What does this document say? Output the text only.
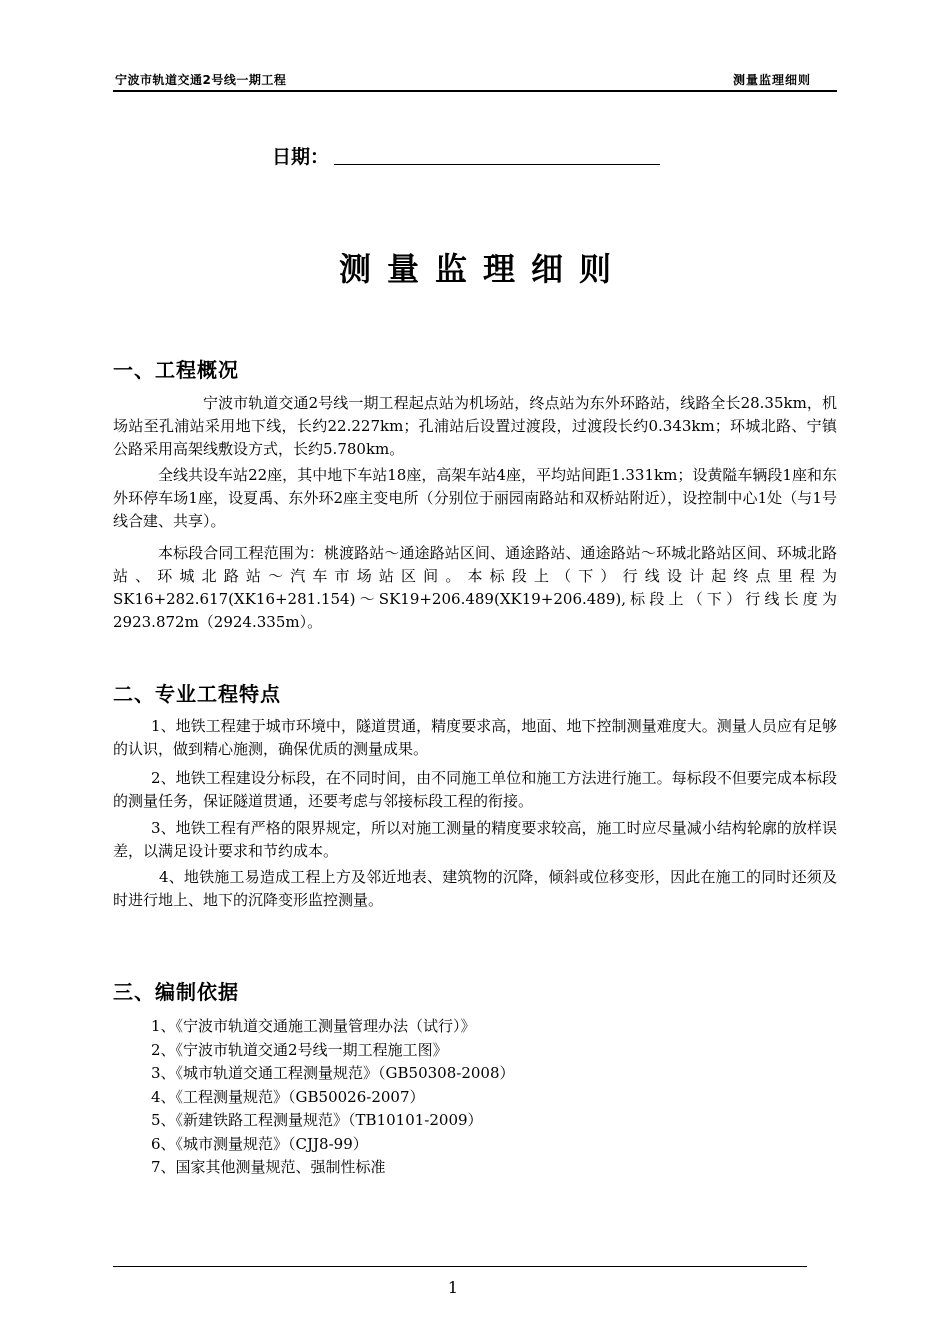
宁波市轨道交通2号线一期工程	测量监理细则
日期：
测量监理细则
一、工程概况
宁波市轨道交通2号线一期工程起点站为机场站，终点站为东外环路站，线路全长28.35km，机场站至孔浦站采用地下线，长约22.227km；孔浦站后设置过渡段，过渡段长约0.343km；环城北路、宁镇公路采用高架线敷设方式，长约5.780km。
全线共设车站22座，其中地下车站18座，高架车站4座，平均站间距1.331km；设黄隘车辆段1座和东外环停车场1座，设夏禹、东外环2座主变电所（分别位于丽园南路站和双桥站附近），设控制中心1处（与1号线合建、共享）。
本标段合同工程范围为：桃渡路站～通途路站区间、通途路站、通途路站～环城北路站区间、环城北路站、环城北路站～汽车市场站区间。本标段上（下）行线设计起终点里程为SK16+282.617(XK16+281.154)～SK19+206.489(XK19+206.489),标段上（下）行线长度为2923.872m（2924.335m）。
二、专业工程特点
1、地铁工程建于城市环境中，隧道贯通，精度要求高，地面、地下控制测量难度大。测量人员应有足够的认识，做到精心施测，确保优质的测量成果。
2、地铁工程建设分标段，在不同时间，由不同施工单位和施工方法进行施工。每标段不但要完成本标段的测量任务，保证隧道贯通，还要考虑与邻接标段工程的衔接。
3、地铁工程有严格的限界规定，所以对施工测量的精度要求较高，施工时应尽量减小结构轮廓的放样误差，以满足设计要求和节约成本。
4、地铁施工易造成工程上方及邻近地表、建筑物的沉降，倾斜或位移变形，因此在施工的同时还须及时进行地上、地下的沉降变形监控测量。
三、编制依据
1、《宁波市轨道交通施工测量管理办法（试行）》
2、《宁波市轨道交通2号线一期工程施工图》
3、《城市轨道交通工程测量规范》（GB50308-2008）
4、《工程测量规范》（GB50026-2007）
5、《新建铁路工程测量规范》（TB10101-2009）
6、《城市测量规范》（CJJ8-99）
7、国家其他测量规范、强制性标准
1
